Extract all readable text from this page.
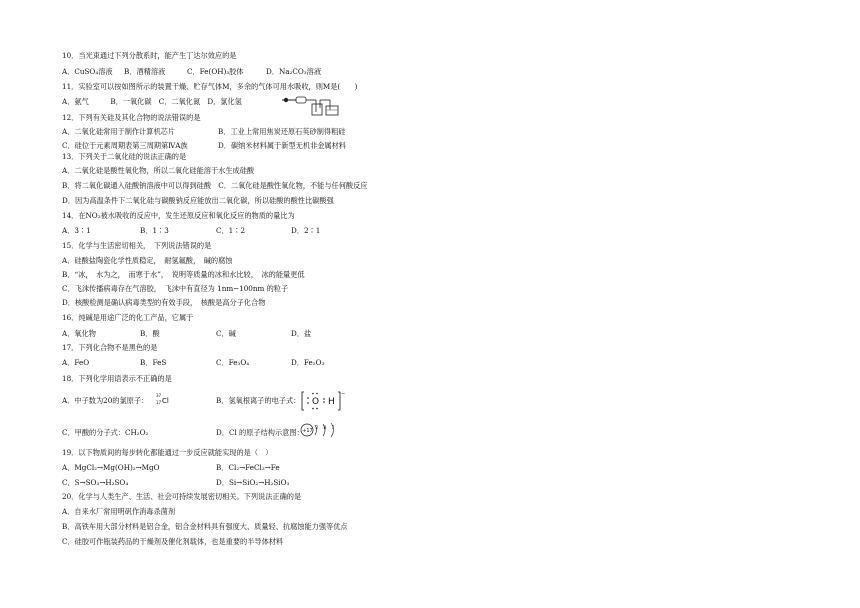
10．当光束通过下列分散系时，能产生丁达尔效应的是
A．CuSO₄溶液 B．酒精溶液	C．Fe(OH)₃胶体	D．Na₂CO₃溶液
11．实验室可以按如图所示的装置干燥、贮存气体M，多余的气体可用水吸收，则M是(　　)
A．氨气　　　B．一氧化碳　C．二氧化氮　D．氯化氢
12．下列有关硅及其化合物的说法错误的是
A．二氧化硅常用于制作计算机芯片	B．工业上常用焦炭还原石英砂制得粗硅
C．硅位于元素周期表第三周期第ⅣA族	D．碳纳米材料属于新型无机非金属材料
13．下列关于二氧化硅的说法正确的是
A．二氧化硅是酸性氧化物，所以二氧化硅能溶于水生成硅酸
B．将二氧化碳通入硅酸钠溶液中可以得到硅酸　C．二氧化硅是酸性氧化物，不能与任何酸反应
D．因为高温条件下二氧化硅与碳酸钠反应能放出二氧化碳，所以硅酸的酸性比碳酸强
14．在NO₂被水吸收的反应中，发生还原反应和氧化反应的物质的量比为
A．3∶1	B．1∶3	C．1∶2	D．2∶1
15．化学与生活密切相关，　下列说法错误的是
A．硅酸盐陶瓷化学性质稳定，　耐氢氟酸，　碱的腐蚀
B．“冰，　水为之，　而寒于水”，　说明等质量的冰和水比较，　冰的能量更低
C．飞沫传播病毒存在气溶胶，　飞沫中有直径为 1nm~100nm 的粒子
D．核酸检测是确认病毒类型的有效手段，　核酸是高分子化合物
16．纯碱是用途广泛的化工产品，它属于
A．氧化物	B．酸	C．碱	D．盐
17．下列化合物不是黑色的是
A．FeO	B．FeS	C．Fe₃O₄	D．Fe₂O₃
18．下列化学用语表示不正确的是
A．中子数为20的氯原子：
37
17 Cl	B．氢氧根离子的电子式： O H
−
C．甲酸的分子式：CH₂O₂	D．Cl 的原子结构示意图：
+17 2 8 7
19．以下物质间的每步转化都能通过一步反应就能实现的是（　）
A．MgCl₂→Mg(OH)₂→MgO	B．Cl₂→FeCl₃→Fe
C．S→SO₃→H₂SO₄	D．Si→SiO₂→H₂SiO₃
20．化学与人类生产、生活、社会可持续发展密切相关。下列说法正确的是
A．自来水厂常用明矾作消毒杀菌剂
B．高铁车用大部分材料是铝合金，铝合金材料具有强度大、质量轻、抗腐蚀能力强等优点
C．硅胶可作瓶装药品的干燥剂及催化剂载体，也是重要的半导体材料
